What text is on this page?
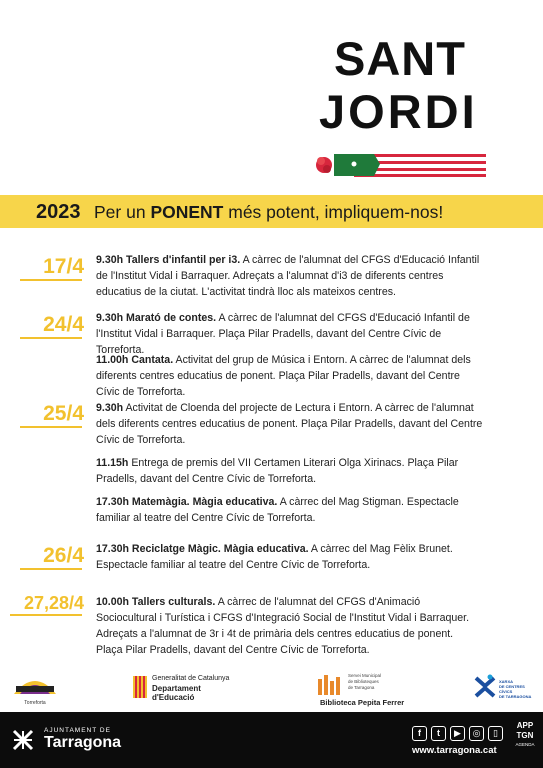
SANT
JORDI
2023 Per un PONENT més potent, impliquem-nos!
17/4 9.30h Tallers d'infantil per i3. A càrrec de l'alumnat del CFGS d'Educació Infantil de l'Institut Vidal i Barraquer. Adreçats a l'alumnat d'i3 de diferents centres educatius de la ciutat. L'activitat tindrà lloc als mateixos centres.
24/4 9.30h Marató de contes. A càrrec de l'alumnat del CFGS d'Educació Infantil de l'Institut Vidal i Barraquer. Plaça Pilar Pradells, davant del Centre Cívic de Torreforta.
11.00h Cantata. Activitat del grup de Música i Entorn. A càrrec de l'alumnat dels diferents centres educatius de ponent. Plaça Pilar Pradells, davant del Centre Cívic de Torreforta.
25/4 9.30h Activitat de Cloenda del projecte de Lectura i Entorn. A càrrec de l'alumnat dels diferents centres educatius de ponent. Plaça Pilar Pradells, davant del Centre Cívic de Torreforta.
11.15h Entrega de premis del VII Certamen Literari Olga Xirinacs. Plaça Pilar Pradells, davant del Centre Cívic de Torreforta.
17.30h Matemàgia. Màgia educativa. A càrrec del Mag Stigman. Espectacle familiar al teatre del Centre Cívic de Torreforta.
26/4 17.30h Reciclatge Màgic. Màgia educativa. A càrrec del Mag Fèlix Brunet. Espectacle familiar al teatre del Centre Cívic de Torreforta.
27,28/4 10.00h Tallers culturals. A càrrec de l'alumnat del CFGS d'Animació Sociocultural i Turística i CFGS d'Integració Social de l'Institut Vidal i Barraquer. Adreçats a l'alumnat de 3r i 4t de primària dels centres educatius de ponent. Plaça Pilar Pradells, davant del Centre Cívic de Torreforta.
Torreforta
Generalitat de Catalunya
Departament
d'Educació
Servei Municipal
de Biblioteques
de Tarragona
Biblioteca Pepita Ferrer
XARXA
DE CENTRES
CÍVICS
DE TARRAGONA
AJUNTAMENT DE
Tarragona
f	t	▶	◎	▯
www.tarragona.cat
APP
TGN
AGENDA
